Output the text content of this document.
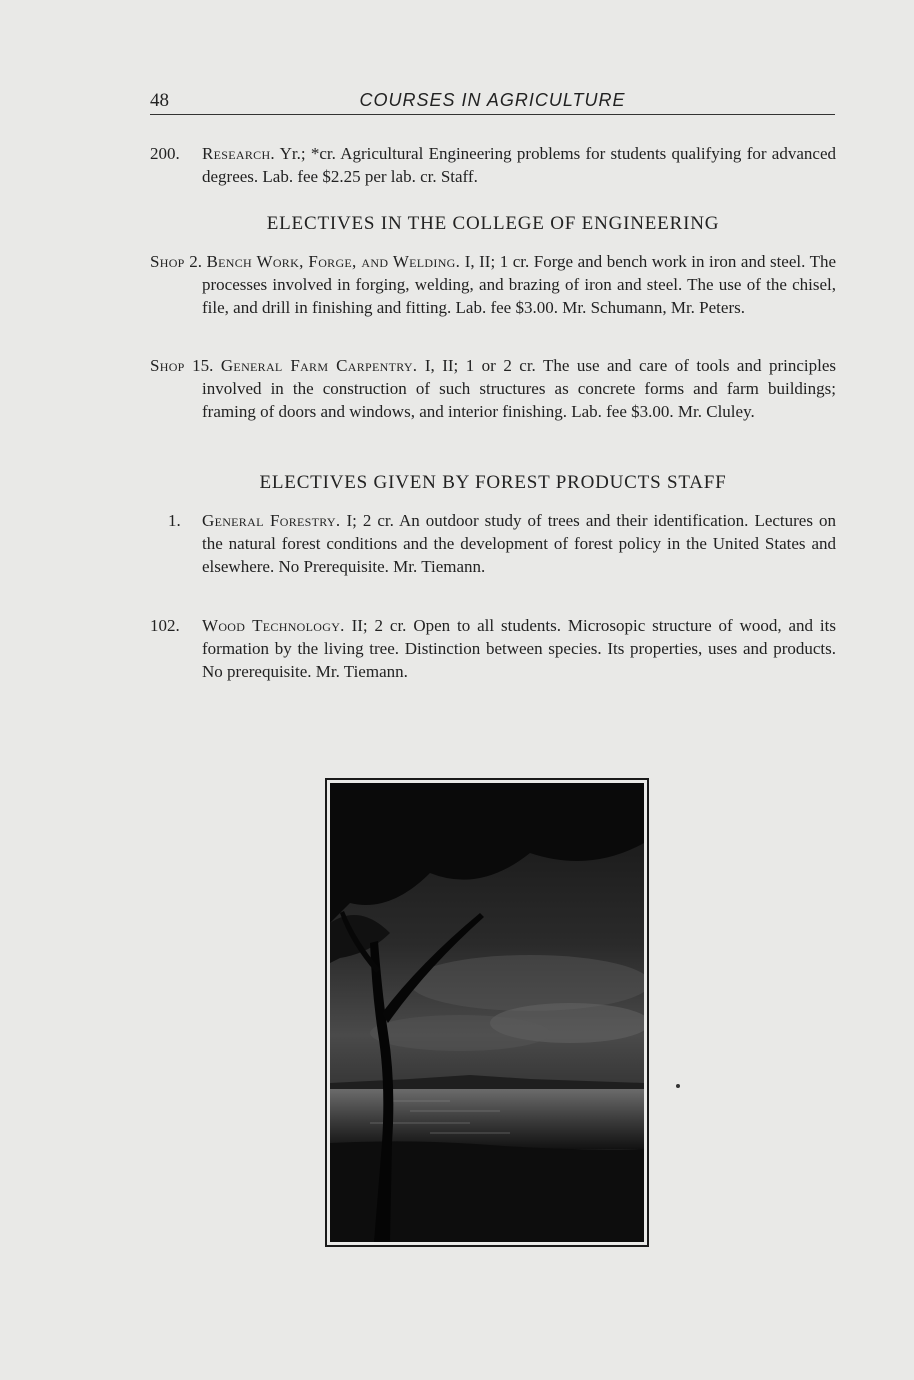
48	COURSES IN AGRICULTURE
200.	Research. Yr.; *cr. Agricultural Engineering problems for students qualifying for advanced degrees. Lab. fee $2.25 per lab. cr. Staff.
ELECTIVES IN THE COLLEGE OF ENGINEERING
Shop 2. Bench Work, Forge, and Welding. I, II; 1 cr. Forge and bench work in iron and steel. The processes involved in forging, welding, and brazing of iron and steel. The use of the chisel, file, and drill in finishing and fitting. Lab. fee $3.00. Mr. Schumann, Mr. Peters.
Shop 15. General Farm Carpentry. I, II; 1 or 2 cr. The use and care of tools and principles involved in the construction of such structures as concrete forms and farm buildings; framing of doors and windows, and interior finishing. Lab. fee $3.00. Mr. Cluley.
ELECTIVES GIVEN BY FOREST PRODUCTS STAFF
1.	General Forestry. I; 2 cr. An outdoor study of trees and their identification. Lectures on the natural forest conditions and the development of forest policy in the United States and elsewhere. No Prerequisite. Mr. Tiemann.
102.	Wood Technology. II; 2 cr. Open to all students. Microsopic structure of wood, and its formation by the living tree. Distinction between species. Its properties, uses and products. No prerequisite. Mr. Tiemann.
